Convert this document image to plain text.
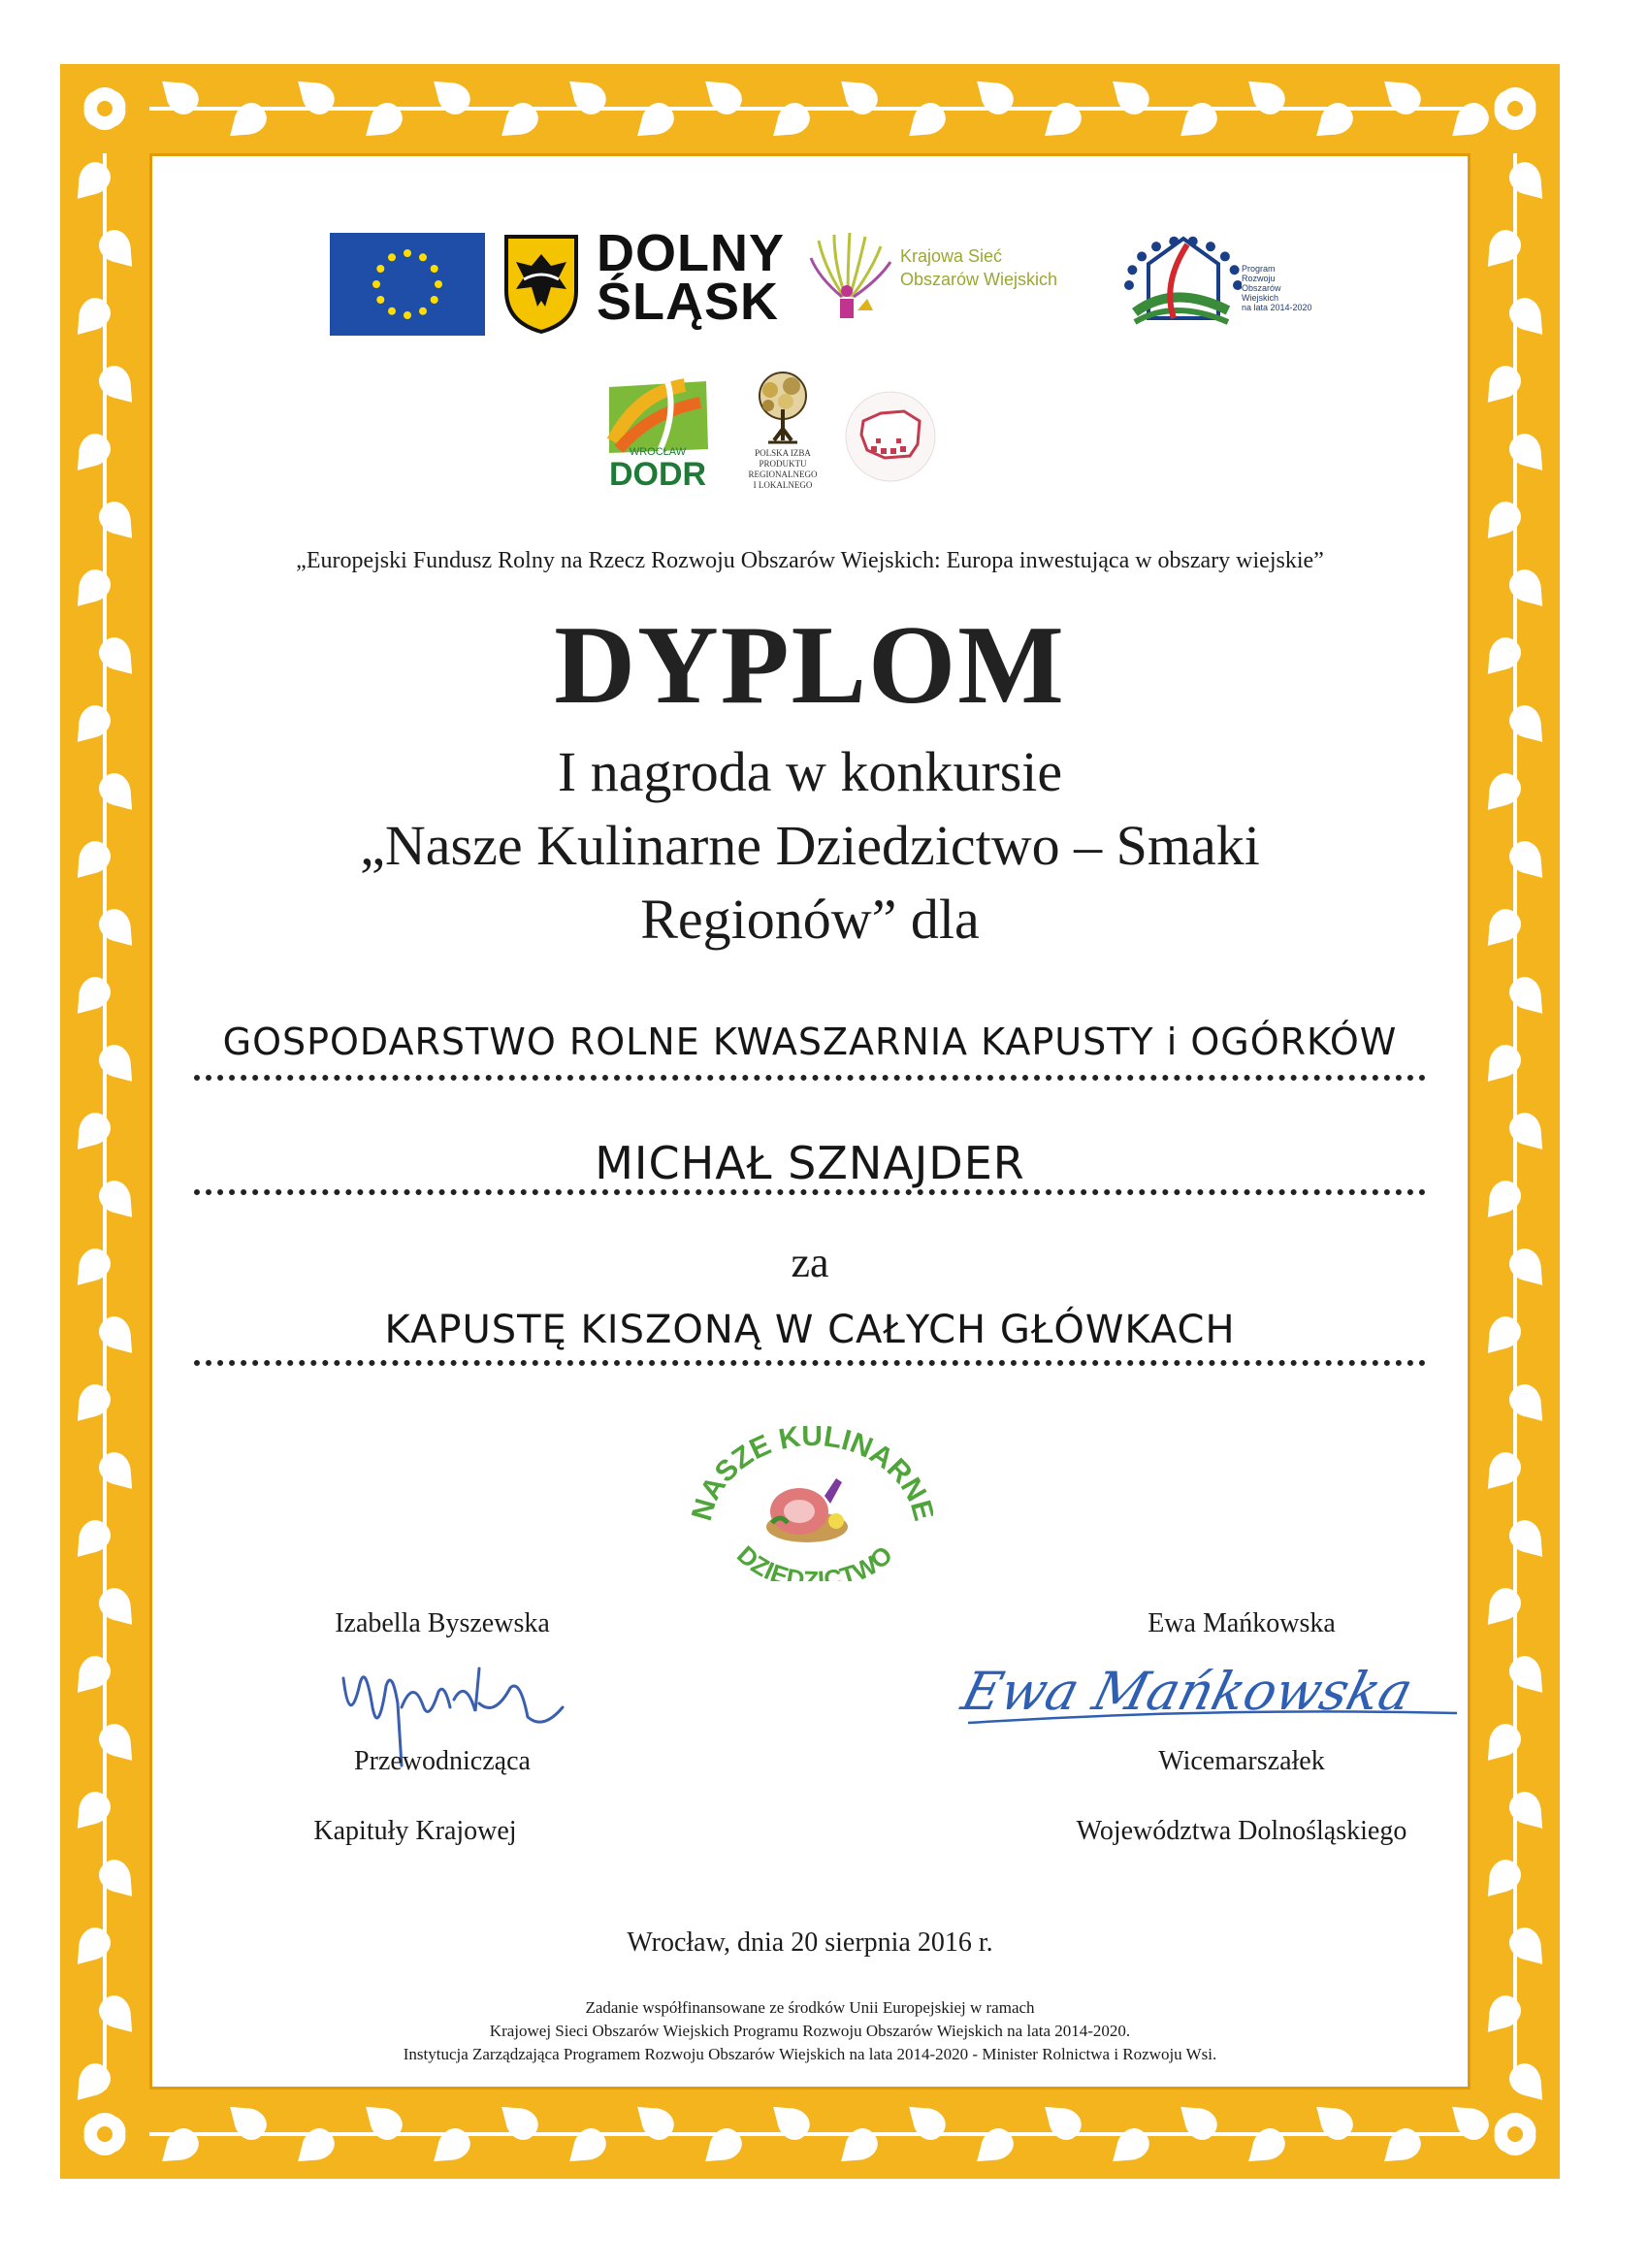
DOLNY
ŚLĄSK
Krajowa Sieć
Obszarów Wiejskich
Program
Rozwoju
Obszarów
Wiejskich
na lata 2014-2020
WROCŁAW
DODR
POLSKA IZBA
PRODUKTU
REGIONALNEGO
I LOKALNEGO
„Europejski Fundusz Rolny na Rzecz Rozwoju Obszarów Wiejskich: Europa inwestująca w obszary wiejskie”
DYPLOM
I nagroda w konkursie
„Nasze Kulinarne Dziedzictwo – Smaki
Regionów” dla
GOSPODARSTWO ROLNE KWASZARNIA KAPUSTY i OGÓRKÓW
MICHAŁ SZNAJDER
za
KAPUSTĘ KISZONĄ W CAŁYCH GŁÓWKACH
ASZE KULINARN
DZIEDZICTWO
Izabella Byszewska
Przewodnicząca
Kapituły Krajowej
Ewa Mańkowska
Ewa Mańkowska
Wicemarszałek
Województwa Dolnośląskiego
Wrocław, dnia 20 sierpnia 2016 r.
Zadanie współfinansowane ze środków Unii Europejskiej w ramach
Krajowej Sieci Obszarów Wiejskich Programu Rozwoju Obszarów Wiejskich na lata 2014-2020.
Instytucja Zarządzająca Programem Rozwoju Obszarów Wiejskich na lata 2014-2020 - Minister Rolnictwa i Rozwoju Wsi.
